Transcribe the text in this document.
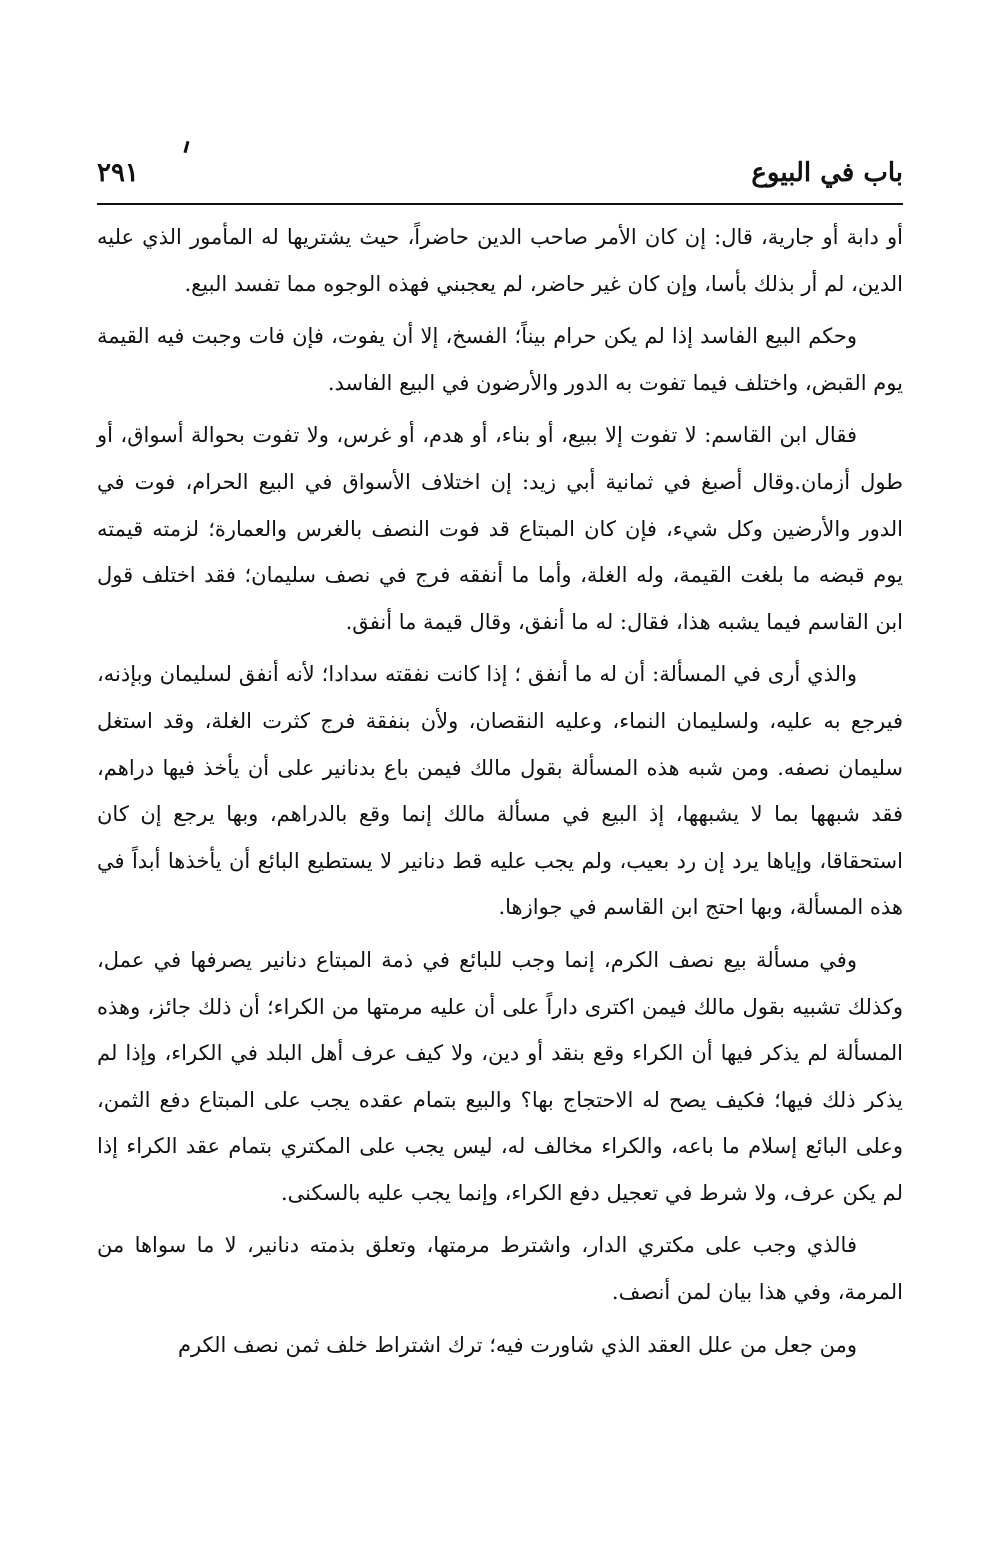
باب في البيوع
٢٩١

أو دابة أو جارية، قال: إن كان الأمر صاحب الدين حاضراً، حيث يشتريها له المأمور الذي عليه الدين، لم أر بذلك بأسا، وإن كان غير حاضر، لم يعجبني فهذه الوجوه مما تفسد البيع.

وحكم البيع الفاسد إذا لم يكن حرام بيناً؛ الفسخ، إلا أن يفوت، فإن فات وجبت فيه القيمة يوم القبض، واختلف فيما تفوت به الدور والأرضون في البيع الفاسد.

فقال ابن القاسم: لا تفوت إلا ببيع، أو بناء، أو هدم، أو غرس، ولا تفوت بحوالة أسواق، أو طول أزمان.وقال أصبغ في ثمانية أبي زيد: إن اختلاف الأسواق في البيع الحرام، فوت في الدور والأرضين وكل شيء، فإن كان المبتاع قد فوت النصف بالغرس والعمارة؛ لزمته قيمته يوم قبضه ما بلغت القيمة، وله الغلة، وأما ما أنفقه فرج في نصف سليمان؛ فقد اختلف قول ابن القاسم فيما يشبه هذا، فقال: له ما أنفق، وقال قيمة ما أنفق.

والذي أرى في المسألة: أن له ما أنفق ؛ إذا كانت نفقته سدادا؛ لأنه أنفق لسليمان وبإذنه، فيرجع به عليه، ولسليمان النماء، وعليه النقصان، ولأن بنفقة فرج كثرت الغلة، وقد استغل سليمان نصفه. ومن شبه هذه المسألة بقول مالك فيمن باع بدنانير على أن يأخذ فيها دراهم، فقد شبهها بما لا يشبهها، إذ البيع في مسألة مالك إنما وقع بالدراهم، وبها يرجع إن كان استحقاقا، وإياها يرد إن رد بعيب، ولم يجب عليه قط دنانير لا يستطيع البائع أن يأخذها أبداً في هذه المسألة، وبها احتج ابن القاسم في جوازها.

وفي مسألة بيع نصف الكرم، إنما وجب للبائع في ذمة المبتاع دنانير يصرفها في عمل، وكذلك تشبيه بقول مالك فيمن اكترى داراً على أن عليه مرمتها من الكراء؛ أن ذلك جائز، وهذه المسألة لم يذكر فيها أن الكراء وقع بنقد أو دين، ولا كيف عرف أهل البلد في الكراء، وإذا لم يذكر ذلك فيها؛ فكيف يصح له الاحتجاج بها؟ والبيع بتمام عقده يجب على المبتاع دفع الثمن، وعلى البائع إسلام ما باعه، والكراء مخالف له، ليس يجب على المكتري بتمام عقد الكراء إذا لم يكن عرف، ولا شرط في تعجيل دفع الكراء، وإنما يجب عليه بالسكنى.

فالذي وجب على مكتري الدار، واشترط مرمتها، وتعلق بذمته دنانير، لا ما سواها من المرمة، وفي هذا بيان لمن أنصف.

ومن جعل من علل العقد الذي شاورت فيه؛ ترك اشتراط خلف ثمن نصف الكرم
